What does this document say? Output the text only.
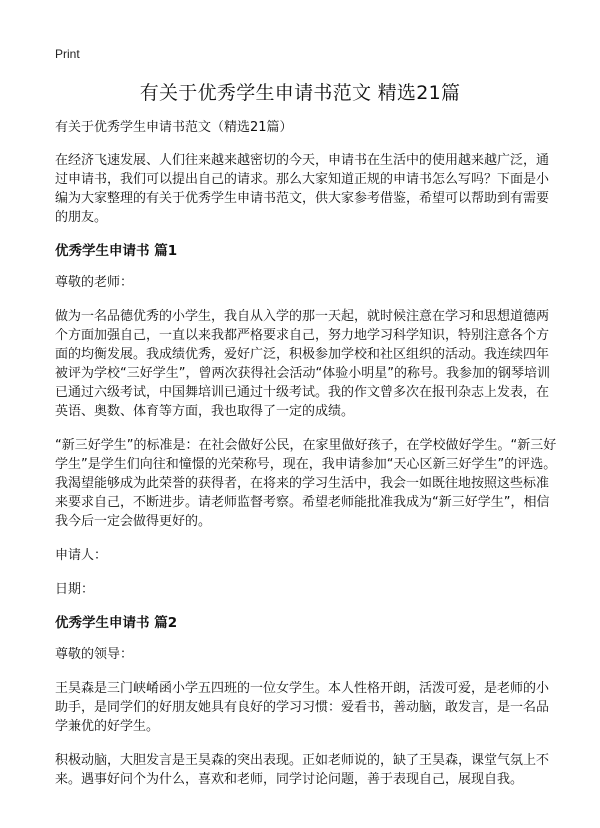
Print
有关于优秀学生申请书范文 精选21篇

有关于优秀学生申请书范文（精选21篇）

在经济飞速发展、人们往来越来越密切的今天，申请书在生活中的使用越来越广泛，通过申请书，我们可以提出自己的请求。那么大家知道正规的申请书怎么写吗？下面是小编为大家整理的有关于优秀学生申请书范文，供大家参考借鉴，希望可以帮助到有需要的朋友。

优秀学生申请书 篇1

尊敬的老师：

做为一名品德优秀的小学生，我自从入学的那一天起，就时候注意在学习和思想道德两个方面加强自己，一直以来我都严格要求自己，努力地学习科学知识，特别注意各个方面的均衡发展。我成绩优秀，爱好广泛，积极参加学校和社区组织的活动。我连续四年被评为学校“三好学生”，曾两次获得社会活动“体验小明星”的称号。我参加的钢琴培训已通过六级考试，中国舞培训已通过十级考试。我的作文曾多次在报刊杂志上发表，在英语、奥数、体育等方面，我也取得了一定的成绩。

“新三好学生”的标准是：在社会做好公民，在家里做好孩子，在学校做好学生。“新三好学生”是学生们向往和憧憬的光荣称号，现在，我申请参加“天心区新三好学生”的评选。我渴望能够成为此荣誉的获得者，在将来的学习生活中，我会一如既往地按照这些标准来要求自己，不断进步。请老师监督考察。希望老师能批准我成为“新三好学生”，相信我今后一定会做得更好的。

申请人：

日期：

优秀学生申请书 篇2

尊敬的领导：

王昊森是三门峡崤函小学五四班的一位女学生。本人性格开朗，活泼可爱，是老师的小助手，是同学们的好朋友她具有良好的学习习惯：爱看书，善动脑，敢发言，是一名品学兼优的好学生。

积极动脑，大胆发言是王昊森的突出表现。正如老师说的，缺了王昊森，课堂气氛上不来。遇事好问个为什么，喜欢和老师，同学讨论问题，善于表现自己，展现自我。
